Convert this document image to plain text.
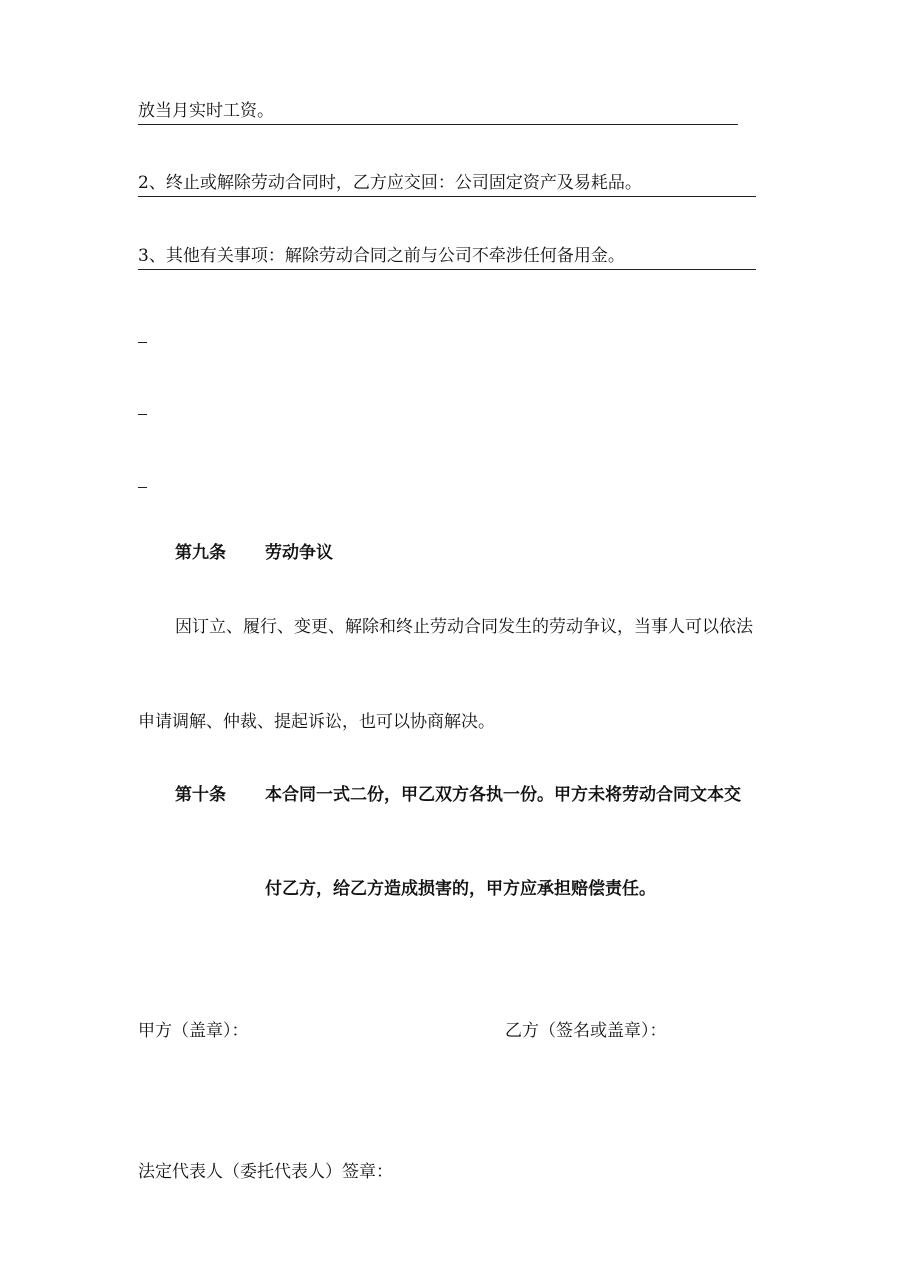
放当月实时工资。
2、终止或解除劳动合同时，乙方应交回：公司固定资产及易耗品。
3、其他有关事项：解除劳动合同之前与公司不牵涉任何备用金。
第九条 劳动争议
因订立、履行、变更、解除和终止劳动合同发生的劳动争议，当事人可以依法
申请调解、仲裁、提起诉讼，也可以协商解决。
第十条 本合同一式二份，甲乙双方各执一份。甲方未将劳动合同文本交
付乙方，给乙方造成损害的，甲方应承担赔偿责任。
甲方（盖章）：	乙方（签名或盖章）：
法定代表人（委托代表人）签章：
